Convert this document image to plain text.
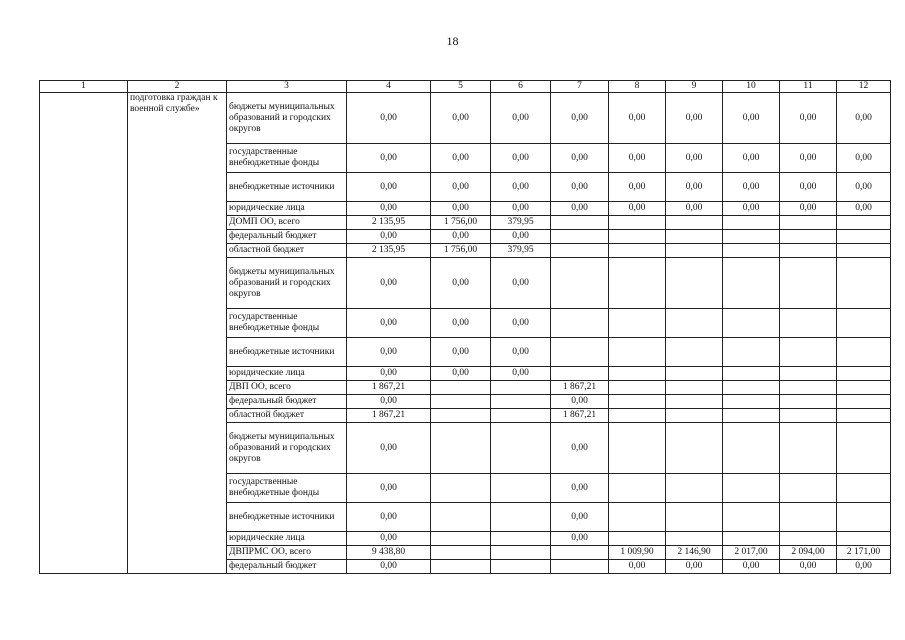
18
1	2	3	4	5	6	7	8	9	10	11	12
	подготовка граждан к военной службе»	бюджеты муниципальных образований и городских округов	0,00	0,00	0,00	0,00	0,00	0,00	0,00	0,00	0,00
		государственные внебюджетные фонды	0,00	0,00	0,00	0,00	0,00	0,00	0,00	0,00	0,00
		внебюджетные источники	0,00	0,00	0,00	0,00	0,00	0,00	0,00	0,00	0,00
		юридические лица	0,00	0,00	0,00	0,00	0,00	0,00	0,00	0,00	0,00
		ДОМП ОО, всего	2 135,95	1 756,00	379,95						
		федеральный бюджет	0,00	0,00	0,00						
		областной бюджет	2 135,95	1 756,00	379,95						
		бюджеты муниципальных образований и городских округов	0,00	0,00	0,00						
		государственные внебюджетные фонды	0,00	0,00	0,00						
		внебюджетные источники	0,00	0,00	0,00						
		юридические лица	0,00	0,00	0,00						
		ДВП ОО, всего	1 867,21			1 867,21					
		федеральный бюджет	0,00			0,00					
		областной бюджет	1 867,21			1 867,21					
		бюджеты муниципальных образований и городских округов	0,00			0,00					
		государственные внебюджетные фонды	0,00			0,00					
		внебюджетные источники	0,00			0,00					
		юридические лица	0,00			0,00					
		ДВПРМС ОО, всего	9 438,80				1 009,90	2 146,90	2 017,00	2 094,00	2 171,00
		федеральный бюджет	0,00				0,00	0,00	0,00	0,00	0,00
